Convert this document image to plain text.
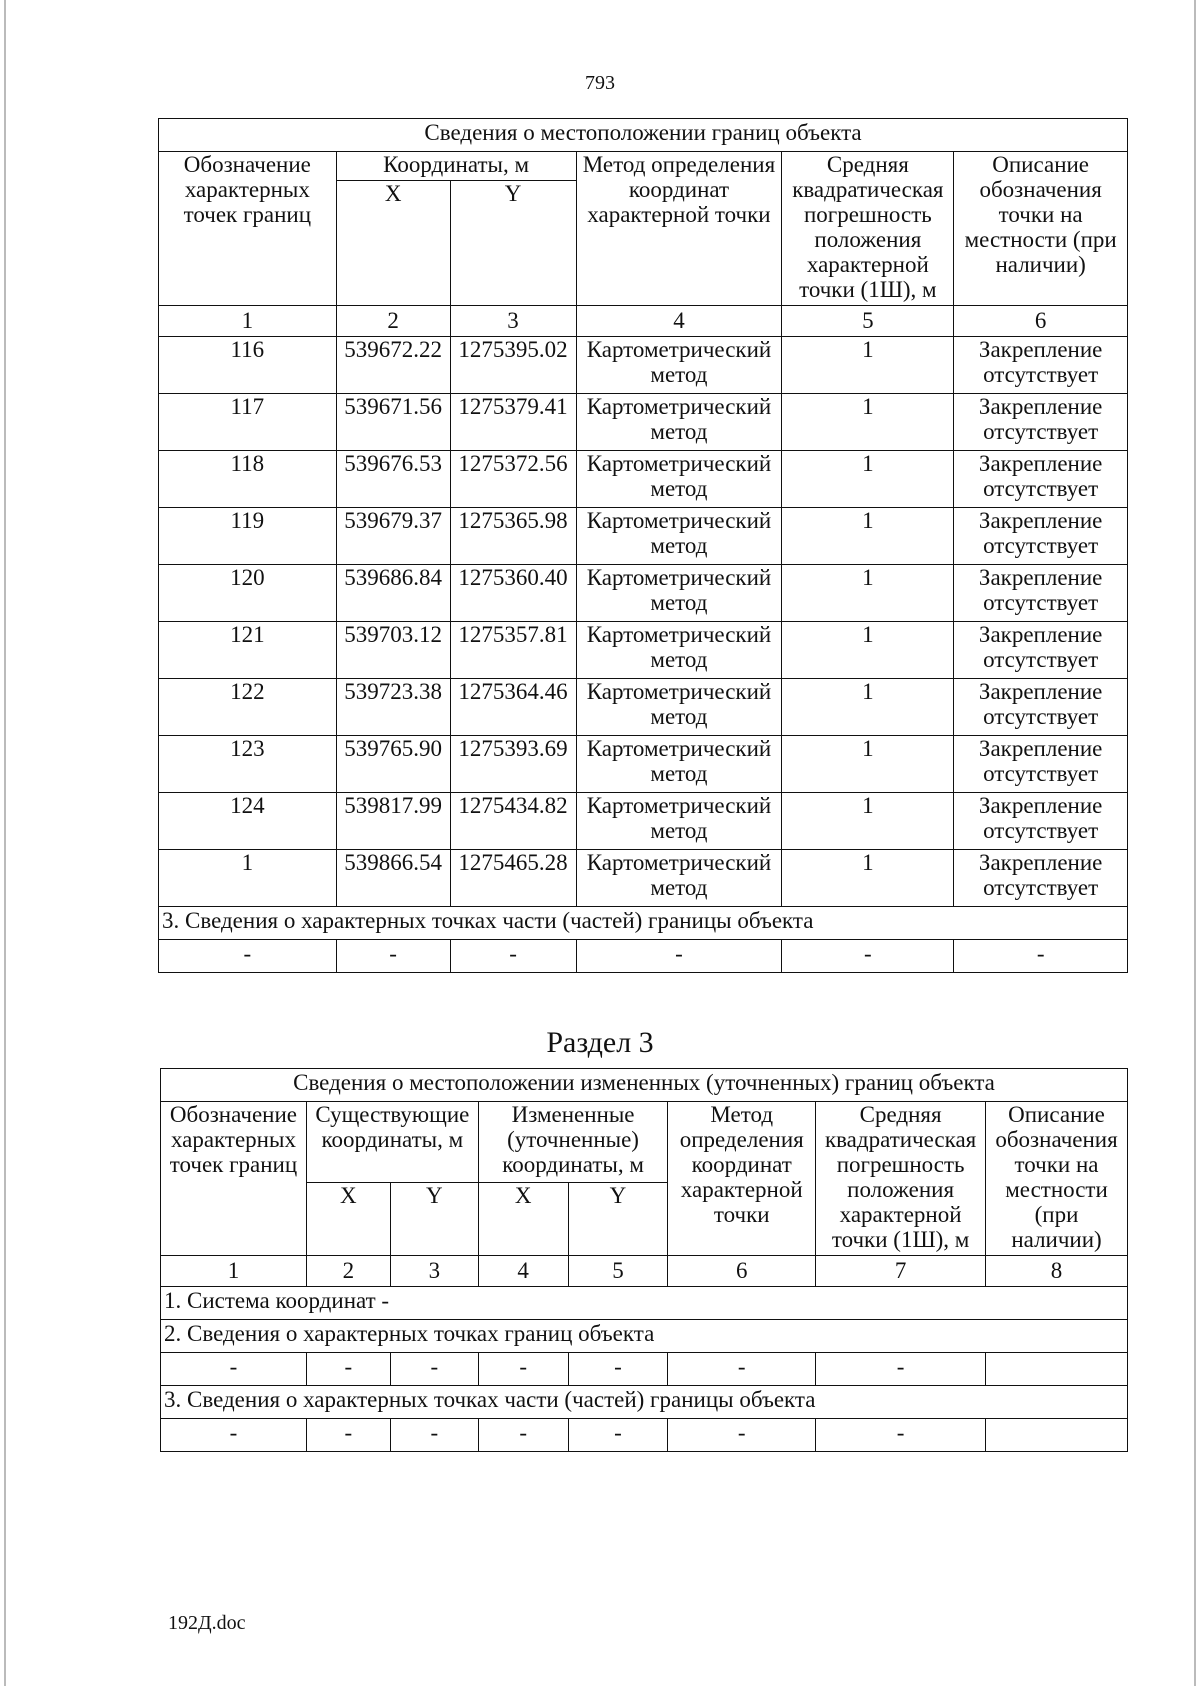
793
Сведения о местоположении границ объекта					
Обозначение характерных точек границ	Координаты, м		Метод определения координат характерной точки	Средняя квадратическая погрешность положения характерной точки (1Ш), м	Описание обозначения точки на местности (при наличии)
	X	Y			
1	2	3	4	5	6
116	539672.22	1275395.02	Картометрический метод	1	Закрепление отсутствует
117	539671.56	1275379.41	Картометрический метод	1	Закрепление отсутствует
118	539676.53	1275372.56	Картометрический метод	1	Закрепление отсутствует
119	539679.37	1275365.98	Картометрический метод	1	Закрепление отсутствует
120	539686.84	1275360.40	Картометрический метод	1	Закрепление отсутствует
121	539703.12	1275357.81	Картометрический метод	1	Закрепление отсутствует
122	539723.38	1275364.46	Картометрический метод	1	Закрепление отсутствует
123	539765.90	1275393.69	Картометрический метод	1	Закрепление отсутствует
124	539817.99	1275434.82	Картометрический метод	1	Закрепление отсутствует
1	539866.54	1275465.28	Картометрический метод	1	Закрепление отсутствует
3. Сведения о характерных точках части (частей) границы объекта					
-	-	-	-	-	-
Раздел 3
Сведения о местоположении измененных (уточненных) границ объекта							
Обозначение характерных точек границ	Существующие координаты, м		Измененные (уточненные) координаты, м		Метод определения координат характерной точки	Средняя квадратическая погрешность положения характерной точки (1Ш), м	Описание обозначения точки на местности (при наличии)
	X	Y	X	Y			
1	2	3	4	5	6	7	8
1. Система координат -							
2. Сведения о характерных точках границ объекта							
-	-	-	-	-	-	-	
3. Сведения о характерных точках части (частей) границы объекта							
-	-	-	-	-	-	-	
192Д.doc
